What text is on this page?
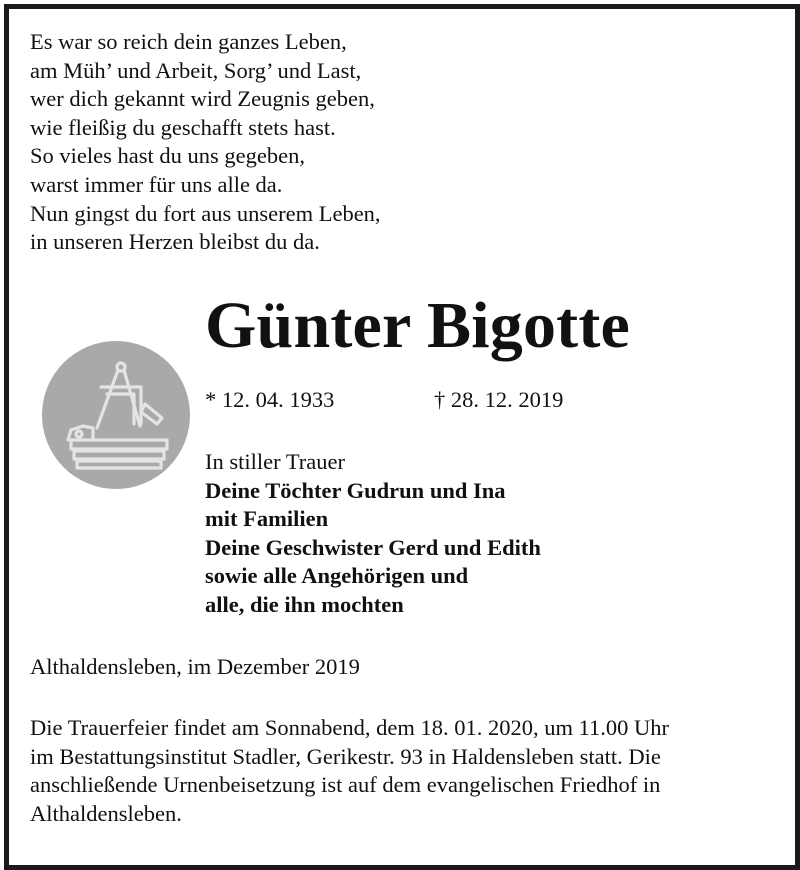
Es war so reich dein ganzes Leben,
am Müh’ und Arbeit, Sorg’ und Last,
wer dich gekannt wird Zeugnis geben,
wie fleißig du geschafft stets hast.
So vieles hast du uns gegeben,
warst immer für uns alle da.
Nun gingst du fort aus unserem Leben,
in unseren Herzen bleibst du da.
Günter Bigotte
* 12. 04. 1933	† 28. 12. 2019
In stiller Trauer
Deine Töchter Gudrun und Ina
mit Familien
Deine Geschwister Gerd und Edith
sowie alle Angehörigen und
alle, die ihn mochten
Althaldensleben, im Dezember 2019
Die Trauerfeier findet am Sonnabend, dem 18. 01. 2020, um 11.00 Uhr
im Bestattungsinstitut Stadler, Gerikestr. 93 in Haldensleben statt. Die
anschließende Urnenbeisetzung ist auf dem evangelischen Friedhof in
Althaldensleben.
